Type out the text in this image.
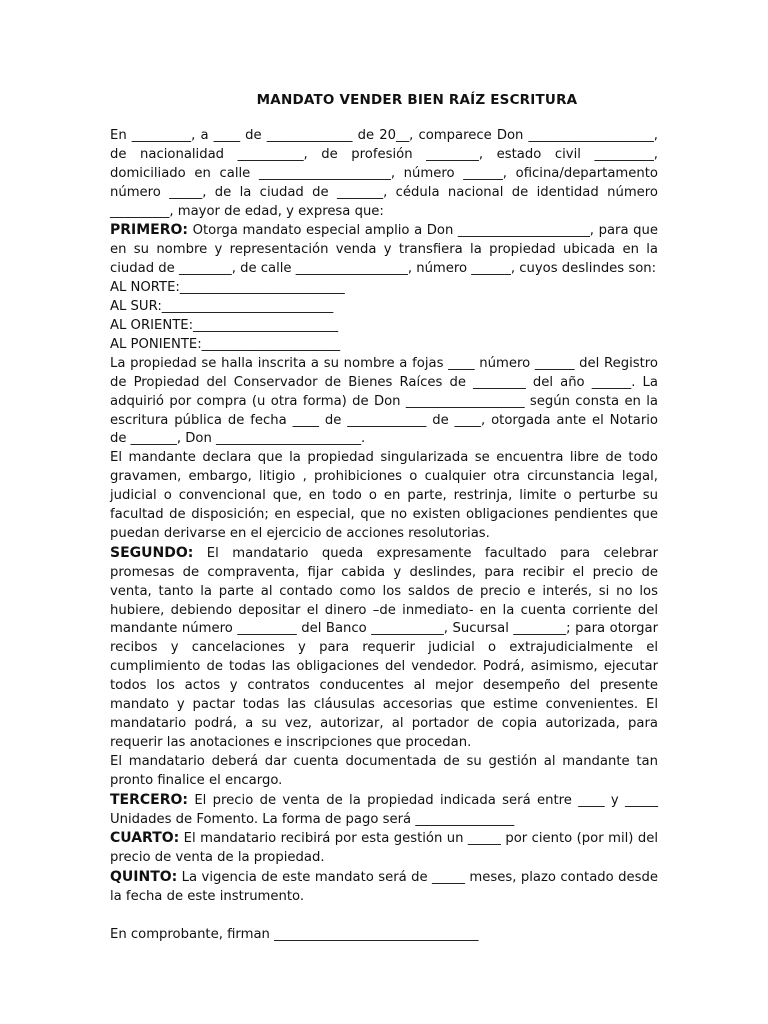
MANDATO VENDER BIEN RAÍZ ESCRITURA

En _________, a ____ de _____________ de 20__, comparece Don ___________________, de nacionalidad __________, de profesión ________, estado civil _________, domiciliado en calle ____________________, número ______, oficina/departamento número _____, de la ciudad de _______, cédula nacional de identidad número _________, mayor de edad, y expresa que:

PRIMERO: Otorga mandato especial amplio a Don ____________________, para que en su nombre y representación venda y transfiera la propiedad ubicada en la ciudad de ________, de calle _________________, número ______, cuyos deslindes son:

AL NORTE:_________________________
AL SUR:__________________________
AL ORIENTE:______________________
AL PONIENTE:_____________________

La propiedad se halla inscrita a su nombre a fojas ____ número ______ del Registro de Propiedad del Conservador de Bienes Raíces de ________ del año ______. La adquirió por compra (u otra forma) de Don __________________ según consta en la escritura pública de fecha ____ de ____________ de ____, otorgada ante el Notario de _______, Don ______________________.

El mandante declara que la propiedad singularizada se encuentra libre de todo gravamen, embargo, litigio , prohibiciones o cualquier otra circunstancia legal, judicial o convencional que, en todo o en parte, restrinja, limite o perturbe su facultad de disposición; en especial, que no existen obligaciones pendientes que puedan derivarse en el ejercicio de acciones resolutorias.

SEGUNDO: El mandatario queda expresamente facultado para celebrar promesas de compraventa, fijar cabida y deslindes, para recibir el precio de venta, tanto la parte al contado como los saldos de precio e interés, si no los hubiere, debiendo depositar el dinero –de inmediato- en la cuenta corriente del mandante número _________ del Banco ___________, Sucursal ________; para otorgar recibos y cancelaciones y para requerir judicial o extrajudicialmente el cumplimiento de todas las obligaciones del vendedor. Podrá, asimismo, ejecutar todos los actos y contratos conducentes al mejor desempeño del presente mandato y pactar todas las cláusulas accesorias que estime convenientes. El mandatario podrá, a su vez, autorizar, al portador de copia autorizada, para requerir las anotaciones e inscripciones que procedan.

El mandatario deberá dar cuenta documentada de su gestión al mandante tan pronto finalice el encargo.

TERCERO: El precio de venta de la propiedad indicada será entre ____ y _____ Unidades de Fomento. La forma de pago será _______________

CUARTO: El mandatario recibirá por esta gestión un _____ por ciento (por mil) del precio de venta de la propiedad.

QUINTO: La vigencia de este mandato será de _____ meses, plazo contado desde la fecha de este instrumento.

En comprobante, firman _______________________________
